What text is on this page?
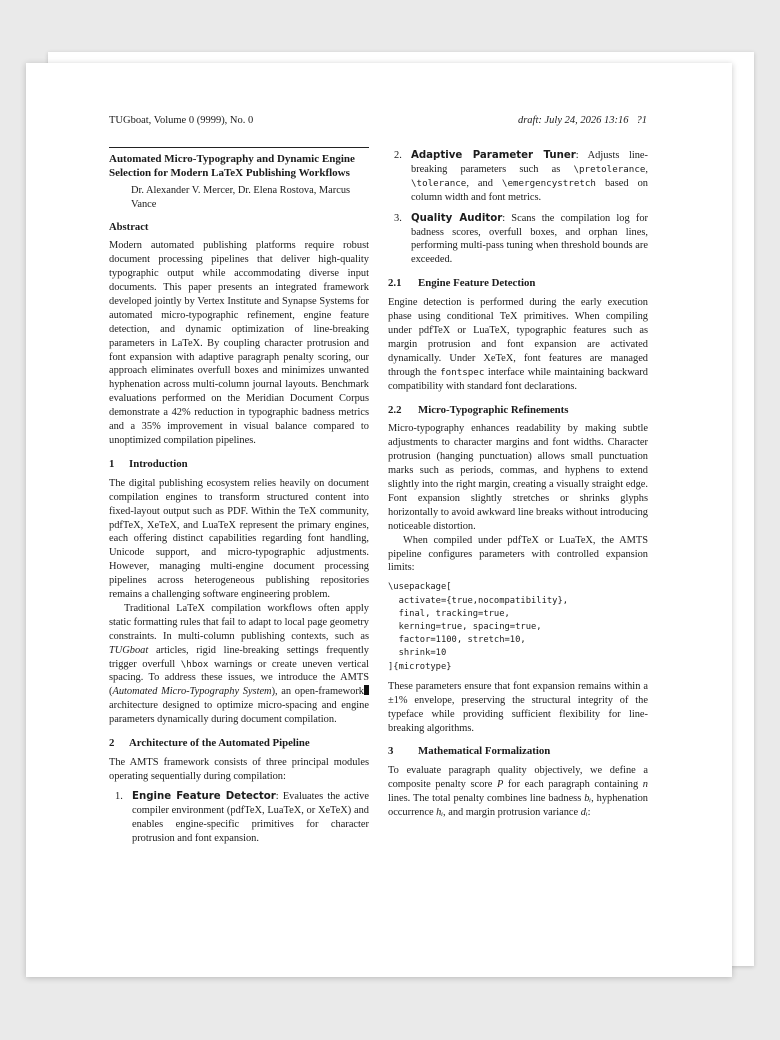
TUGboat, Volume 0 (9999), No. 0	draft: July 24, 2026 13:16 ?1
Automated Micro-Typography and Dynamic Engine Selection for Modern LaTeX Publishing Workflows
Dr. Alexander V. Mercer, Dr. Elena Rostova, Marcus Vance
Abstract

Modern automated publishing platforms require robust document processing pipelines that deliver high-quality typographic output while accommodating diverse input documents. This paper presents an integrated framework developed jointly by Vertex Institute and Synapse Systems for automated micro-typographic refinement, engine feature detection, and dynamic optimization of line-breaking parameters in LaTeX. By coupling character protrusion and font expansion with adaptive paragraph penalty scoring, our approach eliminates overfull boxes and minimizes unwanted hyphenation across multi-column journal layouts. Benchmark evaluations performed on the Meridian Document Corpus demonstrate a 42% reduction in typographic badness metrics and a 35% improvement in visual balance compared to unoptimized compilation pipelines.

1 Introduction

The digital publishing ecosystem relies heavily on document compilation engines to transform structured content into fixed-layout output such as PDF. Within the TeX community, pdfTeX, XeTeX, and LuaTeX represent the primary engines, each offering distinct capabilities regarding font handling, Unicode support, and micro-typographic adjustments. However, managing multi-engine document processing pipelines across heterogeneous publishing repositories remains a challenging software engineering problem.

Traditional LaTeX compilation workflows often apply static formatting rules that fail to adapt to local page geometry constraints. In multi-column publishing contexts, such as TUGboat articles, rigid line-breaking settings frequently trigger overfull \hbox warnings or create uneven vertical spacing. To address these issues, we introduce the AMTS (Automated Micro-Typography System), an open-framework architecture designed to optimize micro-spacing and engine parameters dynamically during document compilation.

2 Architecture of the Automated Pipeline

The AMTS framework consists of three principal modules operating sequentially during compilation:

1. Engine Feature Detector: Evaluates the active compiler environment (pdfTeX, LuaTeX, or XeTeX) and enables engine-specific primitives for character protrusion and font expansion.
2. Adaptive Parameter Tuner: Adjusts line-breaking parameters such as \pretolerance, \tolerance, and \emergencystretch based on column width and font metrics.
3. Quality Auditor: Scans the compilation log for badness scores, overfull boxes, and orphan lines, performing multi-pass tuning when threshold bounds are exceeded.
2.1 Engine Feature Detection

Engine detection is performed during the early execution phase using conditional TeX primitives. When compiling under pdfTeX or LuaTeX, typographic features such as margin protrusion and font expansion are activated dynamically. Under XeTeX, font features are managed through the fontspec interface while maintaining backward compatibility with standard font declarations.

2.2 Micro-Typographic Refinements

Micro-typography enhances readability by making subtle adjustments to character margins and font widths. Character protrusion (hanging punctuation) allows small punctuation marks such as periods, commas, and hyphens to extend slightly into the right margin, creating a visually straight edge. Font expansion slightly stretches or shrinks glyphs horizontally to avoid awkward line breaks without introducing noticeable distortion.

When compiled under pdfTeX or LuaTeX, the AMTS pipeline configures parameters with controlled expansion limits:

\usepackage[
activate={true,nocompatibility},
final, tracking=true,
kerning=true, spacing=true,
factor=1100, stretch=10,
shrink=10
]{microtype}

These parameters ensure that font expansion remains within a ±1% envelope, preserving the structural integrity of the typeface while providing sufficient flexibility for line-breaking algorithms.

3 Mathematical Formalization

To evaluate paragraph quality objectively, we define a composite penalty score P for each paragraph containing n lines. The total penalty combines line badness bᵢ, hyphenation occurrence hᵢ, and margin protrusion variance dᵢ:
